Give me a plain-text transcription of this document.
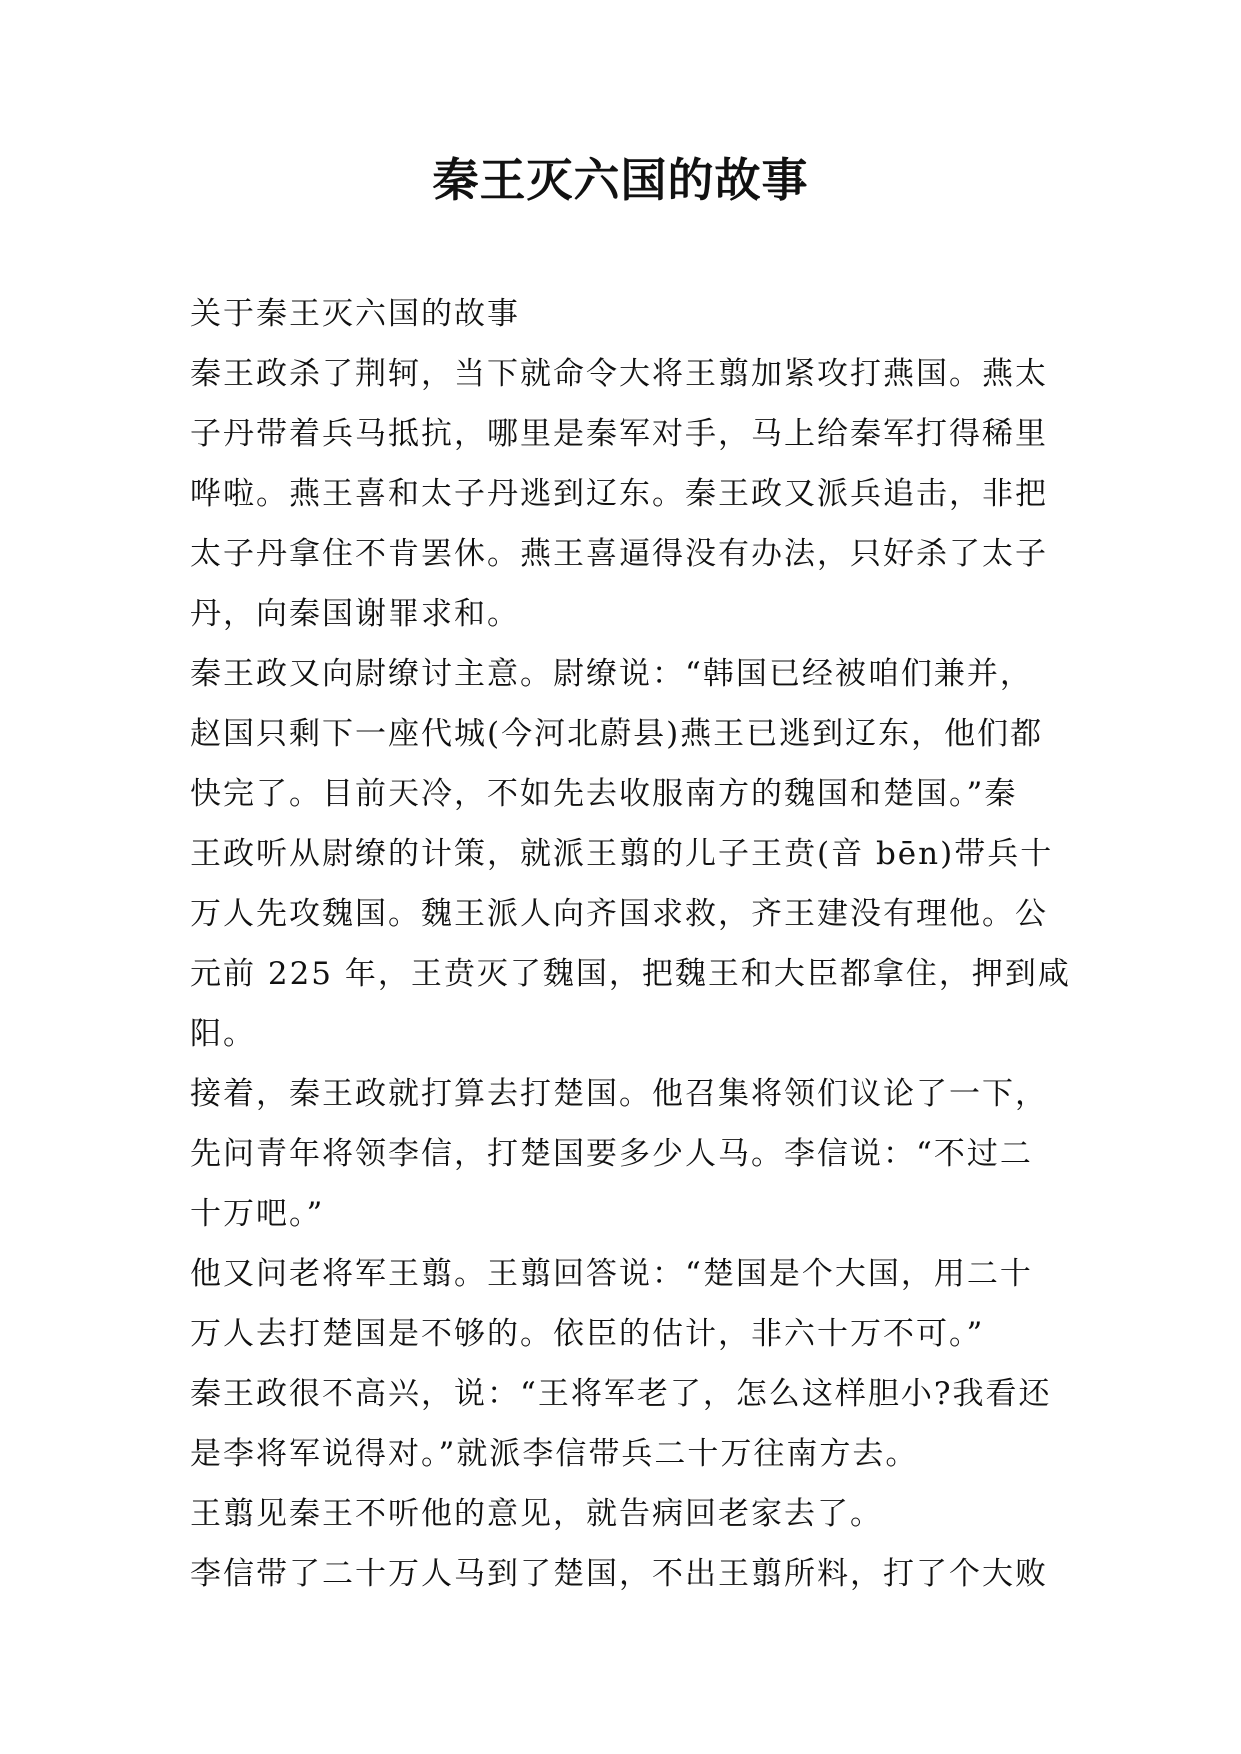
秦王灭六国的故事
关于秦王灭六国的故事
秦王政杀了荆轲，当下就命令大将王翦加紧攻打燕国。燕太
子丹带着兵马抵抗，哪里是秦军对手，马上给秦军打得稀里
哗啦。燕王喜和太子丹逃到辽东。秦王政又派兵追击，非把
太子丹拿住不肯罢休。燕王喜逼得没有办法，只好杀了太子
丹，向秦国谢罪求和。
秦王政又向尉缭讨主意。尉缭说：“韩国已经被咱们兼并，
赵国只剩下一座代城(今河北蔚县)燕王已逃到辽东，他们都
快完了。目前天冷，不如先去收服南方的魏国和楚国。”秦
王政听从尉缭的计策，就派王翦的儿子王贲(音 bēn)带兵十
万人先攻魏国。魏王派人向齐国求救，齐王建没有理他。公
元前 225 年，王贲灭了魏国，把魏王和大臣都拿住，押到咸
阳。
接着，秦王政就打算去打楚国。他召集将领们议论了一下，
先问青年将领李信，打楚国要多少人马。李信说：“不过二
十万吧。”
他又问老将军王翦。王翦回答说：“楚国是个大国，用二十
万人去打楚国是不够的。依臣的估计，非六十万不可。”
秦王政很不高兴，说：“王将军老了，怎么这样胆小?我看还
是李将军说得对。”就派李信带兵二十万往南方去。
王翦见秦王不听他的意见，就告病回老家去了。
李信带了二十万人马到了楚国，不出王翦所料，打了个大败
